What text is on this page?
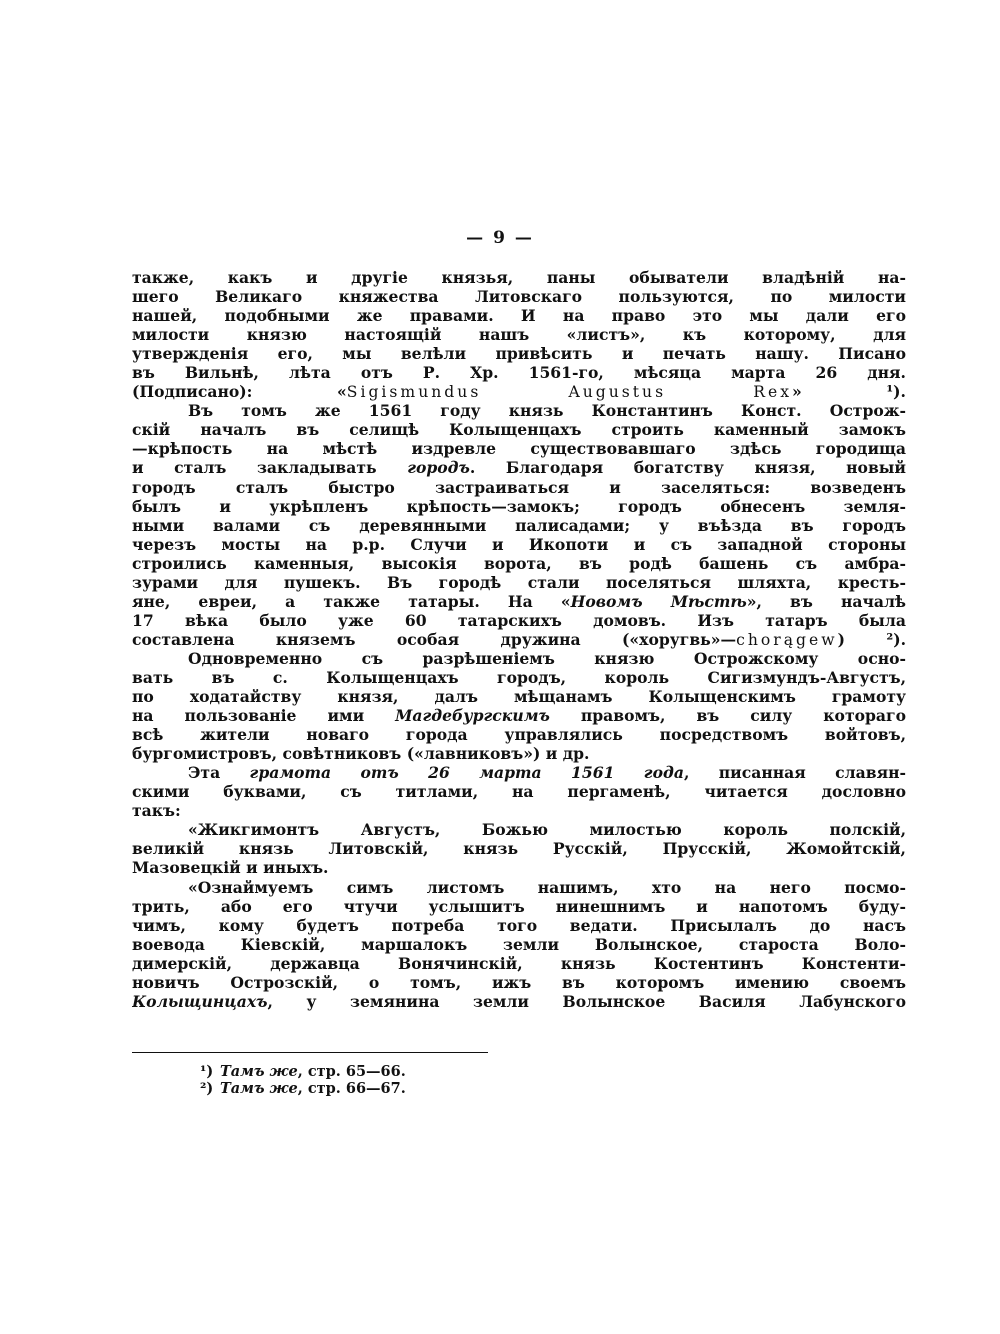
— 9 —
также, какъ и другіе князья, паны обыватели владѣній на-
шего Великаго княжества Литовскаго пользуются, по милости
нашей, подобными же правами. И на право это мы дали его
милости князю настоящій нашъ «листъ», къ которому, для
утвержденія его, мы велѣли привѣсить и печать нашу. Писано
въ Вильнѣ, лѣта отъ Р. Хр. 1561-го, мѣсяца марта 26 дня.
(Подписано): «Sigismundus Augustus Rex» ¹).
Въ томъ же 1561 году князь Константинъ Конст. Острож-
скій началъ въ селищѣ Колыщенцахъ строить каменный замокъ
—крѣпость на мѣстѣ издревле существовавшаго здѣсь городища
и сталъ закладывать городъ. Благодаря богатству князя, новый
городъ сталъ быстро застраиваться и заселяться: возведенъ
былъ и укрѣпленъ крѣпость—замокъ; городъ обнесенъ земля-
ными валами съ деревянными палисадами; у въѣзда въ городъ
черезъ мосты на р.р. Случи и Икопоти и съ западной стороны
строились каменныя, высокія ворота, въ родѣ башень съ амбра-
зурами для пушекъ. Въ городѣ стали поселяться шляхта, кресть-
яне, евреи, а также татары. На «Новомъ Мѣстѣ», въ началѣ
17 вѣка было уже 60 татарскихъ домовъ. Изъ татаръ была
составлена княземъ особая дружина («хоругвь»—chorągew) ²).
Одновременно съ разрѣшеніемъ князю Острожскому осно-
вать въ с. Колыщенцахъ городъ, король Сигизмундъ-Августъ,
по ходатайству князя, далъ мѣщанамъ Колыщенскимъ грамоту
на пользованіе ими Магдебургскимъ правомъ, въ силу котораго
всѣ жители новаго города управлялись посредствомъ войтовъ,
бургомистровъ, совѣтниковъ («лавниковъ») и др.
Эта грамота отъ 26 марта 1561 года, писанная славян-
скими буквами, съ титлами, на пергаменѣ, читается дословно
такъ:
«Жикгимонтъ Августъ, Божью милостью король полскій,
великій князь Литовскій, князь Русскій, Прусскій, Жомойтскій,
Мазовецкій и иныхъ.
«Ознаймуемъ симъ листомъ нашимъ, хто на него посмо-
трить, або его чтучи услышитъ нинешнимъ и напотомъ буду-
чимъ, кому будетъ потреба того ведати. Присылалъ до насъ
воевода Кіевскій, маршалокъ земли Волынское, староста Воло-
димерскій, державца Вонячинскій, князь Костентинъ Констенти-
новичъ Острозскій, о томъ, ижъ въ которомъ имению своемъ
Колыщинцахъ, у земянина земли Волынское Василя Лабунского
¹) Тамъ же, стр. 65—66.
²) Тамъ же, стр. 66—67.
